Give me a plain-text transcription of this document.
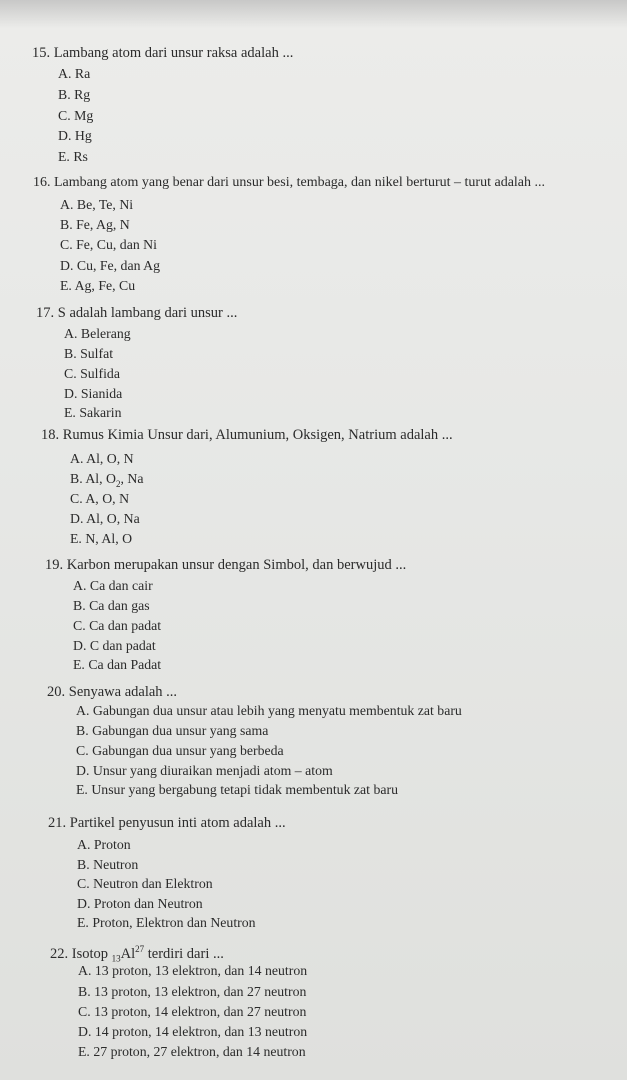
15. Lambang atom dari unsur raksa adalah ...
A. Ra
B. Rg
C. Mg
D. Hg
E. Rs
16. Lambang atom yang benar dari unsur besi, tembaga, dan nikel berturut – turut adalah ...
A. Be, Te, Ni
B. Fe, Ag, N
C. Fe, Cu, dan Ni
D. Cu, Fe, dan Ag
E. Ag, Fe, Cu
17. S adalah lambang dari unsur ...
A. Belerang
B. Sulfat
C. Sulfida
D. Sianida
E. Sakarin
18. Rumus Kimia Unsur dari, Alumunium, Oksigen, Natrium adalah ...
A. Al, O, N
B. Al, $O_2$, Na
C. A, O, N
D. Al, O, Na
E. N, Al, O
19. Karbon merupakan unsur dengan Simbol, dan berwujud ...
A. Ca dan cair
B. Ca dan gas
C. Ca dan padat
D. C dan padat
E. Ca dan Padat
20. Senyawa adalah ...
A. Gabungan dua unsur atau lebih yang menyatu membentuk zat baru
B. Gabungan dua unsur yang sama
C. Gabungan dua unsur yang berbeda
D. Unsur yang diuraikan menjadi atom – atom
E. Unsur yang bergabung tetapi tidak membentuk zat baru
21. Partikel penyusun inti atom adalah ...
A. Proton
B. Neutron
C. Neutron dan Elektron
D. Proton dan Neutron
E. Proton, Elektron dan Neutron
22. Isotop $_{13}Al^{27}$ terdiri dari ...
A. 13 proton, 13 elektron, dan 14 neutron
B. 13 proton, 13 elektron, dan 27 neutron
C. 13 proton, 14 elektron, dan 27 neutron
D. 14 proton, 14 elektron, dan 13 neutron
E. 27 proton, 27 elektron, dan 14 neutron
